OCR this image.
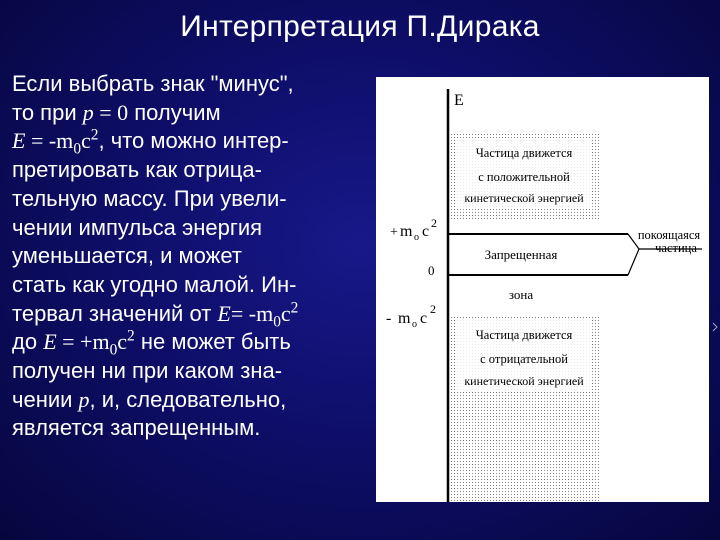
Интерпретация П.Дирака
Если выбрать знак "минус",
то при p = 0 получим
$E = -m_0c^2$, что можно интер-
претировать как отрица-
тельную массу. При увели-
чении импульса энергия
уменьшается, и может
стать как угодно малой. Ин-
тервал значений от $E= -m_0c^2$
до $E = +m_0c^2$ не может быть
получен ни при каком зна-
чении p, и, следовательно,
является запрещенным.
E
Частица движется
с положительной
кинетической энергией
+ m o c 2
Запрещенная
0
зона
- m o c
2
покоящаяся
частица
Частица движется
с отрицательной
кинетической энергией
